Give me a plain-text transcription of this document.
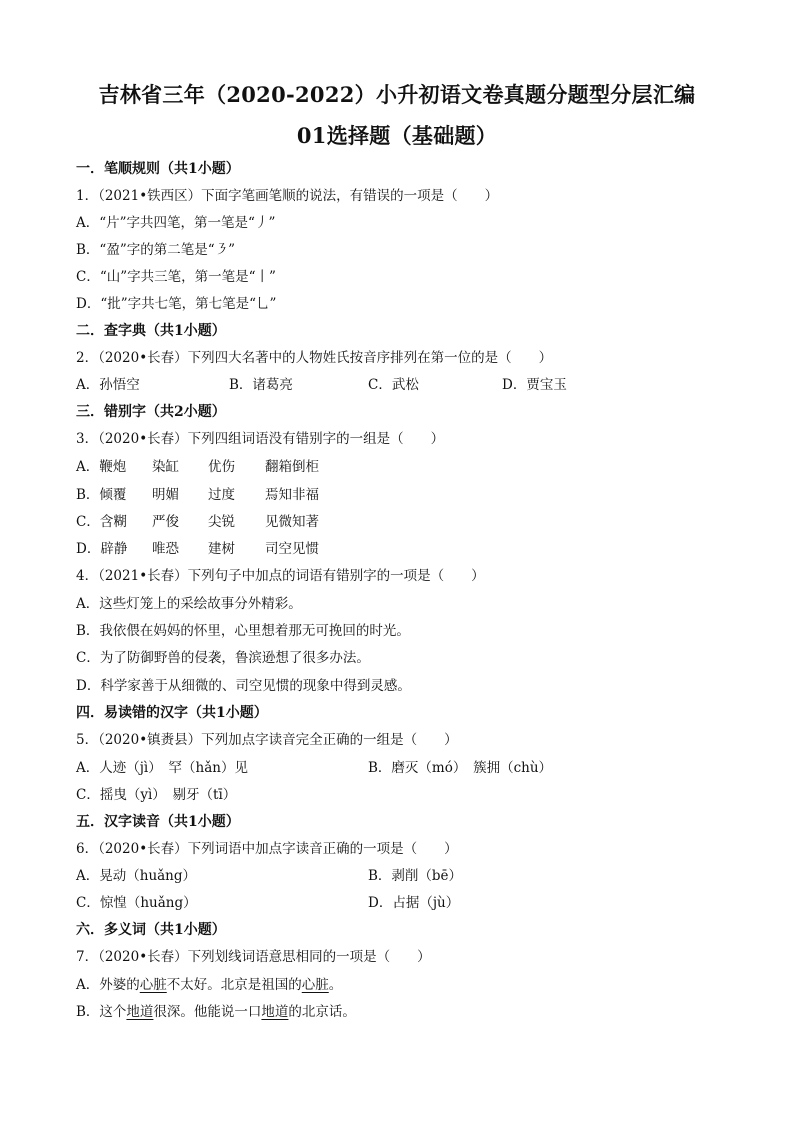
吉林省三年（2020-2022）小升初语文卷真题分题型分层汇编
01选择题（基础题）
一．笔顺规则（共1小题）
1．（2021•铁西区）下面字笔画笔顺的说法，有错误的一项是（　　）
A．“片”字共四笔，第一笔是“丿”
B．“盈”字的第二笔是“㇋”
C．“山”字共三笔，第一笔是“丨”
D．“批”字共七笔，第七笔是“乚”
二．查字典（共1小题）
2．（2020•长春）下列四大名著中的人物姓氏按音序排列在第一位的是（　　）
A．孙悟空	B．诸葛亮	C．武松	D．贾宝玉
三．错别字（共2小题）
3．（2020•长春）下列四组词语没有错别字的一组是（　　）
A．鞭炮 染缸 优伤 翻箱倒柜
B．倾覆 明媚 过度 焉知非福
C．含糊 严俊 尖锐 见微知著
D．辟静 唯恐 建树 司空见惯
4．（2021•长春）下列句子中加点的词语有错别字的一项是（　　）
A．这些灯笼上的采绘故事分外精彩。
B．我依偎在妈妈的怀里，心里想着那无可挽回的时光。
C．为了防御野兽的侵袭，鲁滨逊想了很多办法。
D．科学家善于从细微的、司空见惯的现象中得到灵感。
四．易读错的汉字（共1小题）
5．（2020•镇赉县）下列加点字读音完全正确的一组是（　　）
A．人迹（jì）　罕（hǎn）见	B．磨灭（mó）　簇拥（chù）
C．摇曳（yì）　剔牙（tī）
五．汉字读音（共1小题）
6．（2020•长春）下列词语中加点字读音正确的一项是（　　）
A．晃动（huǎng）	B．剥削（bē）
C．惊惶（huǎng）	D．占据（jù）
六．多义词（共1小题）
7．（2020•长春）下列划线词语意思相同的一项是（　　）
A．外婆的心脏不太好。北京是祖国的心脏。
B．这个地道很深。他能说一口地道的北京话。
